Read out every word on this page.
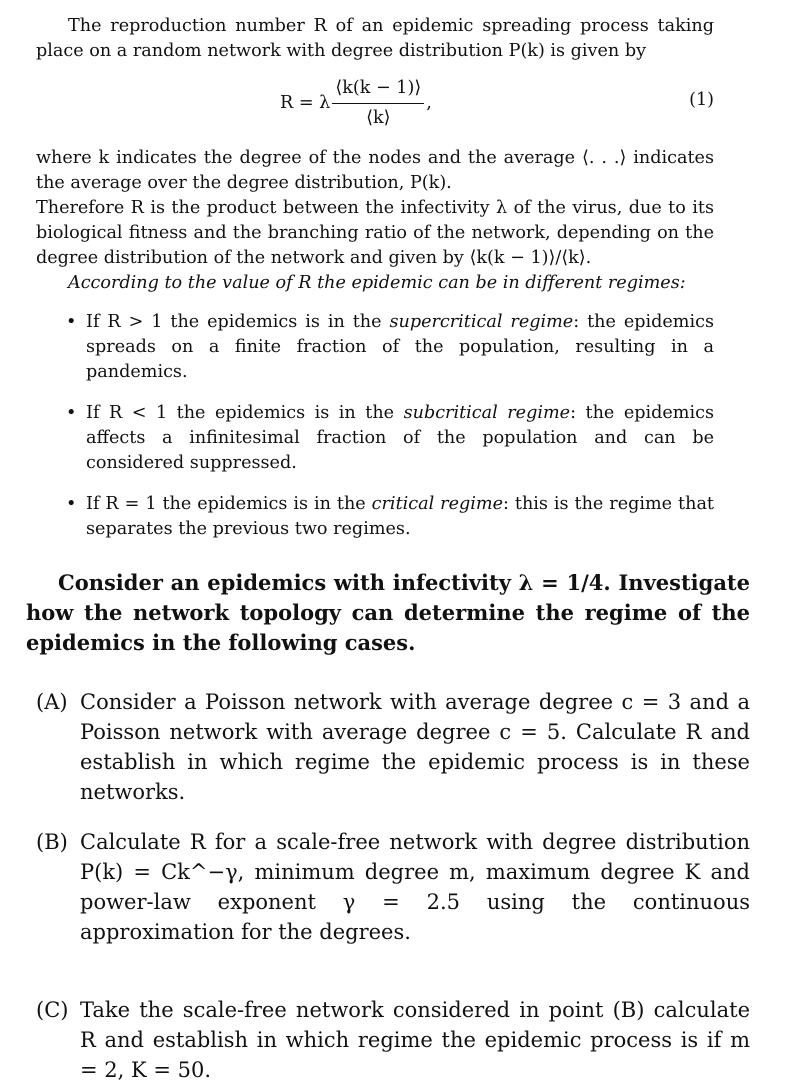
The reproduction number R of an epidemic spreading process taking place on a random network with degree distribution P(k) is given by

R = λ $\frac{⟨k(k - 1)⟩}{⟨k⟩}$ ,	(1)

where k indicates the degree of the nodes and the average ⟨. . .⟩ indicates the average over the degree distribution, P(k).

Therefore R is the product between the infectivity λ of the virus, due to its biological fitness and the branching ratio of the network, depending on the degree distribution of the network and given by ⟨k(k − 1)⟩/⟨k⟩.

According to the value of R the epidemic can be in different regimes:

• If R > 1 the epidemics is in the supercritical regime: the epidemics spreads on a finite fraction of the population, resulting in a pandemics.
• If R < 1 the epidemics is in the subcritical regime: the epidemics affects a infinitesimal fraction of the population and can be considered suppressed.
• If R = 1 the epidemics is in the critical regime: this is the regime that separates the previous two regimes.

Consider an epidemics with infectivity λ = 1/4. Investigate how the network topology can determine the regime of the epidemics in the following cases.

(A) Consider a Poisson network with average degree c = 3 and a Poisson network with average degree c = 5. Calculate R and establish in which regime the epidemic process is in these networks.

(B) Calculate R for a scale-free network with degree distribution P(k) = Ck^−γ, minimum degree m, maximum degree K and power-law exponent γ = 2.5 using the continuous approximation for the degrees.

(C) Take the scale-free network considered in point (B) calculate R and establish in which regime the epidemic process is if m = 2, K = 50.
